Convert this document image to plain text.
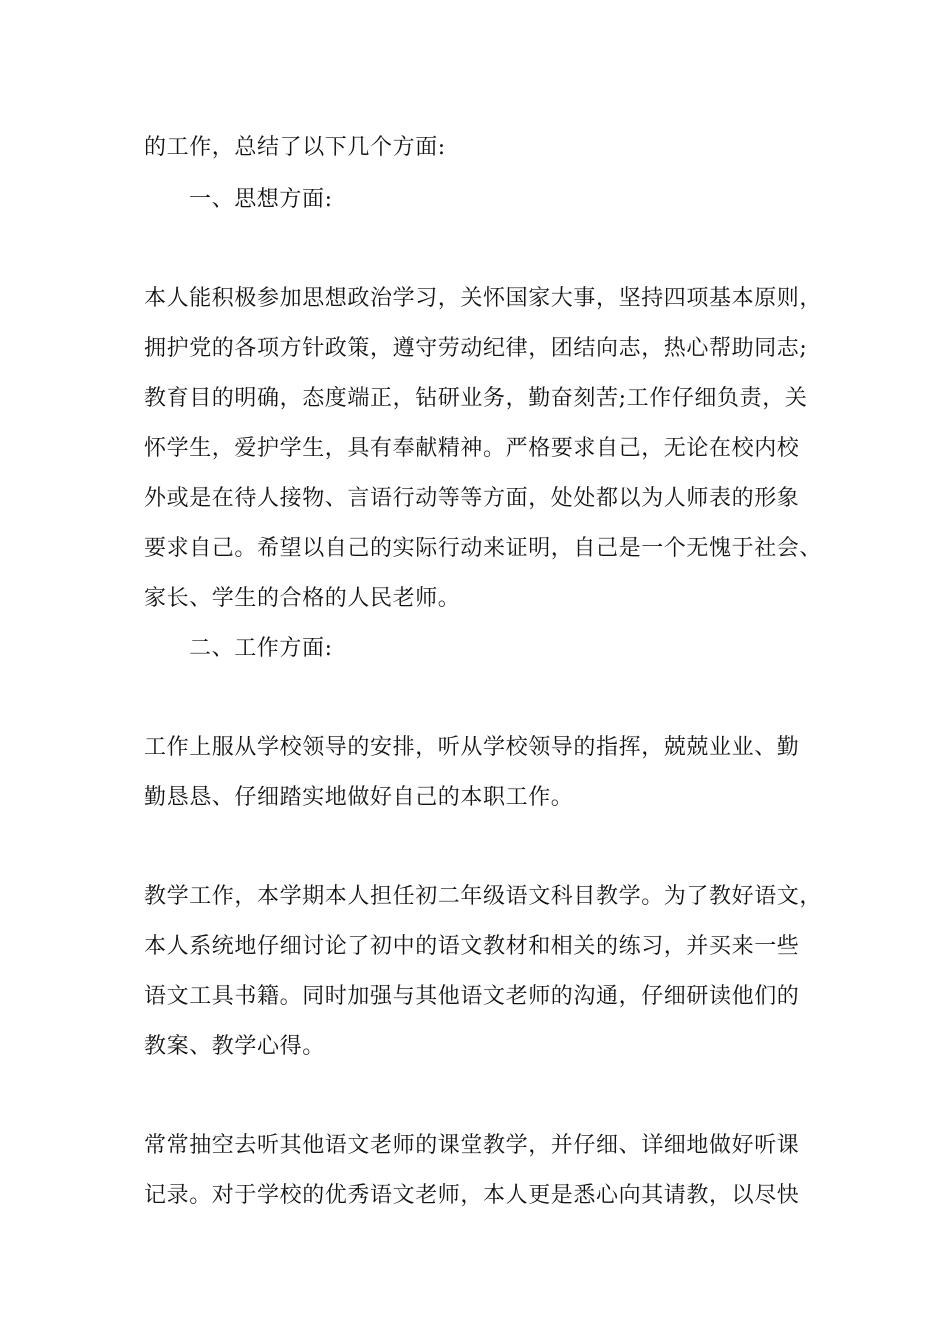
的工作，总结了以下几个方面:
一、思想方面:
本人能积极参加思想政治学习，关怀国家大事，坚持四项基本原则，
拥护党的各项方针政策，遵守劳动纪律，团结向志，热心帮助同志;
教育目的明确，态度端正，钻研业务，勤奋刻苦;工作仔细负责，关
怀学生，爱护学生，具有奉献精神。严格要求自己，无论在校内校
外或是在待人接物、言语行动等等方面，处处都以为人师表的形象
要求自己。希望以自己的实际行动来证明，自己是一个无愧于社会、
家长、学生的合格的人民老师。
二、工作方面:
工作上服从学校领导的安排，听从学校领导的指挥，兢兢业业、勤
勤恳恳、仔细踏实地做好自己的本职工作。
教学工作，本学期本人担任初二年级语文科目教学。为了教好语文，
本人系统地仔细讨论了初中的语文教材和相关的练习，并买来一些
语文工具书籍。同时加强与其他语文老师的沟通，仔细研读他们的
教案、教学心得。
常常抽空去听其他语文老师的课堂教学，并仔细、详细地做好听课
记录。对于学校的优秀语文老师，本人更是悉心向其请教，以尽快
